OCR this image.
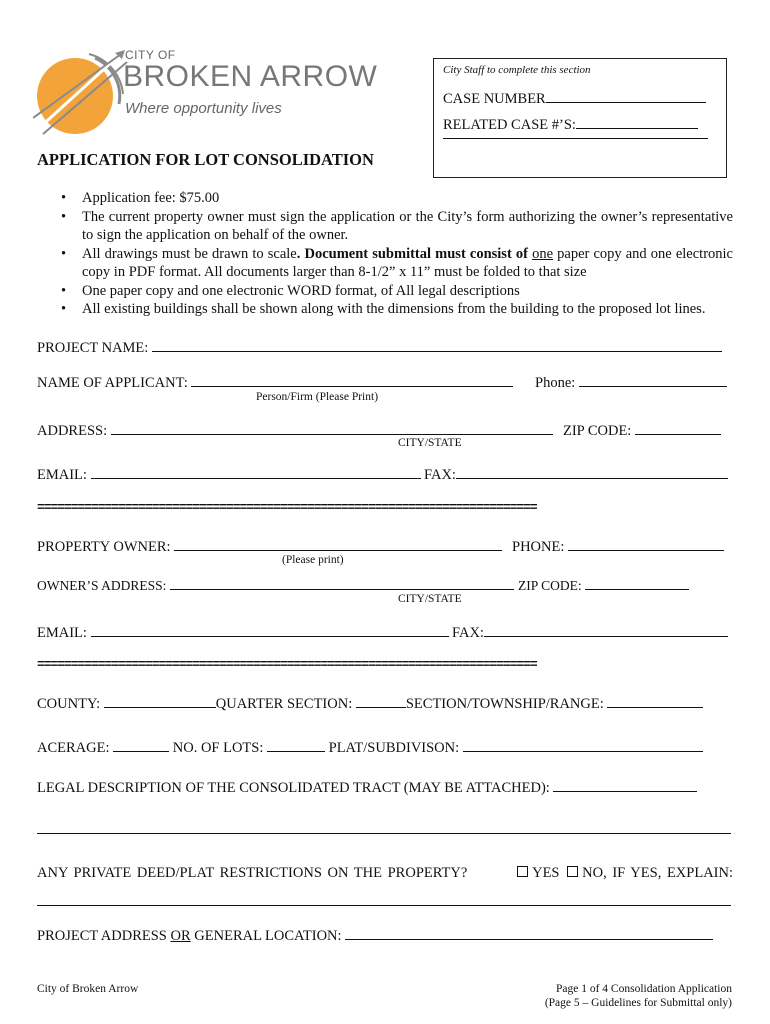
CITY OF
BROKEN ARROW
Where opportunity lives
City Staff to complete this section
CASE NUMBER
RELATED CASE #’S:
APPLICATION FOR LOT CONSOLIDATION
• Application fee: $75.00
• The current property owner must sign the application or the City’s form authorizing the owner’s representative to sign the application on behalf of the owner.
• All drawings must be drawn to scale. Document submittal must consist of one paper copy and one electronic copy in PDF format. All documents larger than 8-1/2” x 11” must be folded to that size
• One paper copy and one electronic WORD format, of All legal descriptions
• All existing buildings shall be shown along with the dimensions from the building to the proposed lot lines.
PROJECT NAME:
NAME OF APPLICANT:	Phone:
Person/Firm (Please Print)
ADDRESS:	ZIP CODE:
CITY/STATE
EMAIL:	FAX:
==========================================================================
PROPERTY OWNER:	PHONE:
(Please print)
OWNER’S ADDRESS:	ZIP CODE:
CITY/STATE
EMAIL:	FAX:
==========================================================================
COUNTY:	QUARTER SECTION:	SECTION/TOWNSHIP/RANGE:
ACERAGE:	NO. OF LOTS:	PLAT/SUBDIVISON:
LEGAL DESCRIPTION OF THE CONSOLIDATED TRACT (MAY BE ATTACHED):
ANY PRIVATE DEED/PLAT RESTRICTIONS ON THE PROPERTY?	YES NO, IF YES, EXPLAIN:
PROJECT ADDRESS OR GENERAL LOCATION:
City of Broken Arrow	Page 1 of 4 Consolidation Application
(Page 5 – Guidelines for Submittal only)
